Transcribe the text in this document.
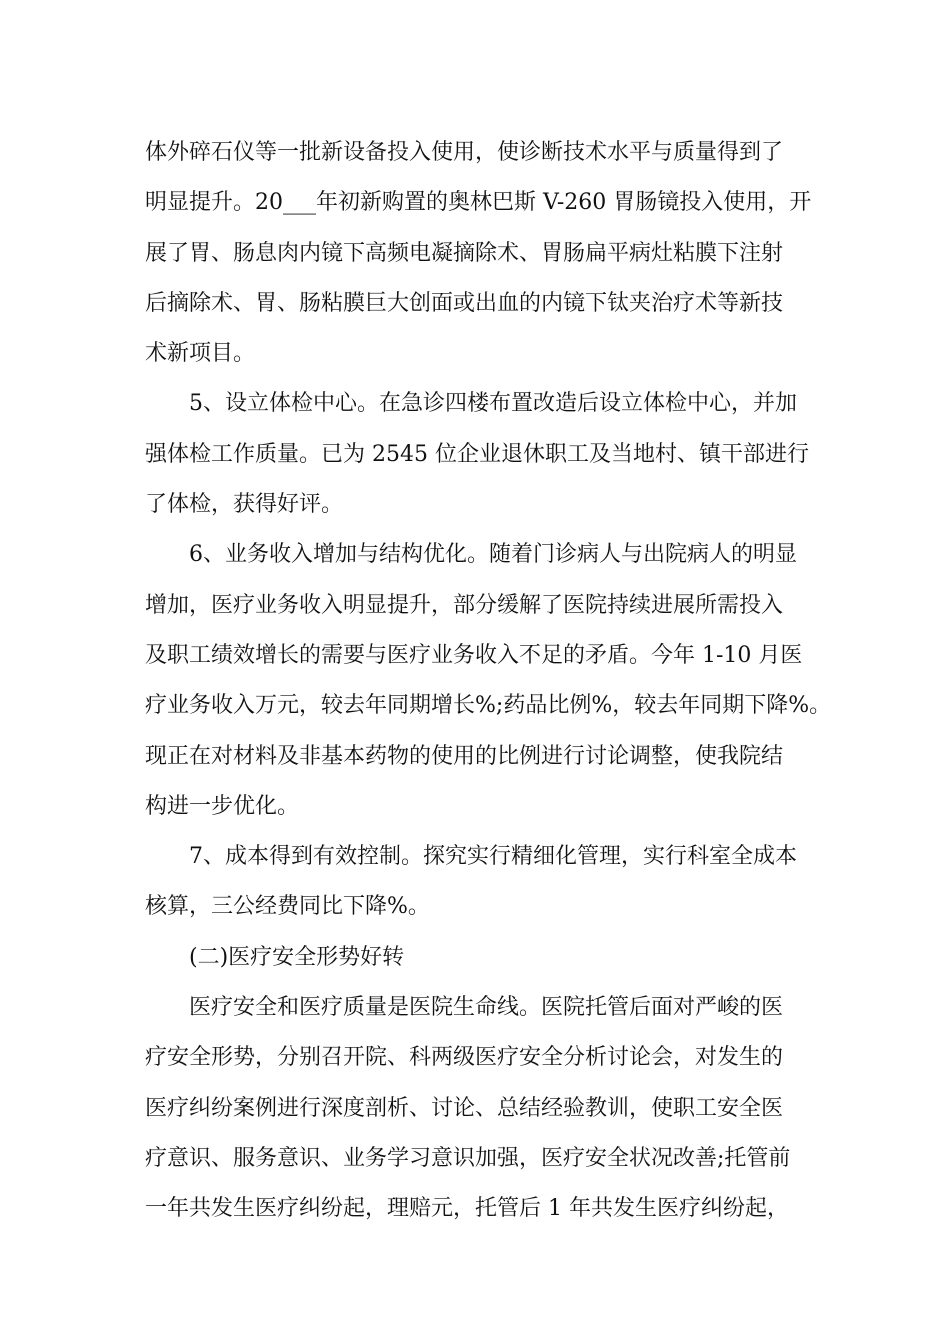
体外碎石仪等一批新设备投入使用，使诊断技术水平与质量得到了
明显提升。20___年初新购置的奥林巴斯 V-260 胃肠镜投入使用，开
展了胃、肠息肉内镜下高频电凝摘除术、胃肠扁平病灶粘膜下注射
后摘除术、胃、肠粘膜巨大创面或出血的内镜下钛夹治疗术等新技
术新项目。
5、设立体检中心。在急诊四楼布置改造后设立体检中心，并加
强体检工作质量。已为 2545 位企业退休职工及当地村、镇干部进行
了体检，获得好评。
6、业务收入增加与结构优化。随着门诊病人与出院病人的明显
增加，医疗业务收入明显提升，部分缓解了医院持续进展所需投入
及职工绩效增长的需要与医疗业务收入不足的矛盾。今年 1-10 月医
疗业务收入万元，较去年同期增长%;药品比例%，较去年同期下降%。
现正在对材料及非基本药物的使用的比例进行讨论调整，使我院结
构进一步优化。
7、成本得到有效控制。探究实行精细化管理，实行科室全成本
核算，三公经费同比下降%。
(二)医疗安全形势好转
医疗安全和医疗质量是医院生命线。医院托管后面对严峻的医
疗安全形势，分别召开院、科两级医疗安全分析讨论会，对发生的
医疗纠纷案例进行深度剖析、讨论、总结经验教训，使职工安全医
疗意识、服务意识、业务学习意识加强，医疗安全状况改善;托管前
一年共发生医疗纠纷起，理赔元，托管后 1 年共发生医疗纠纷起，
